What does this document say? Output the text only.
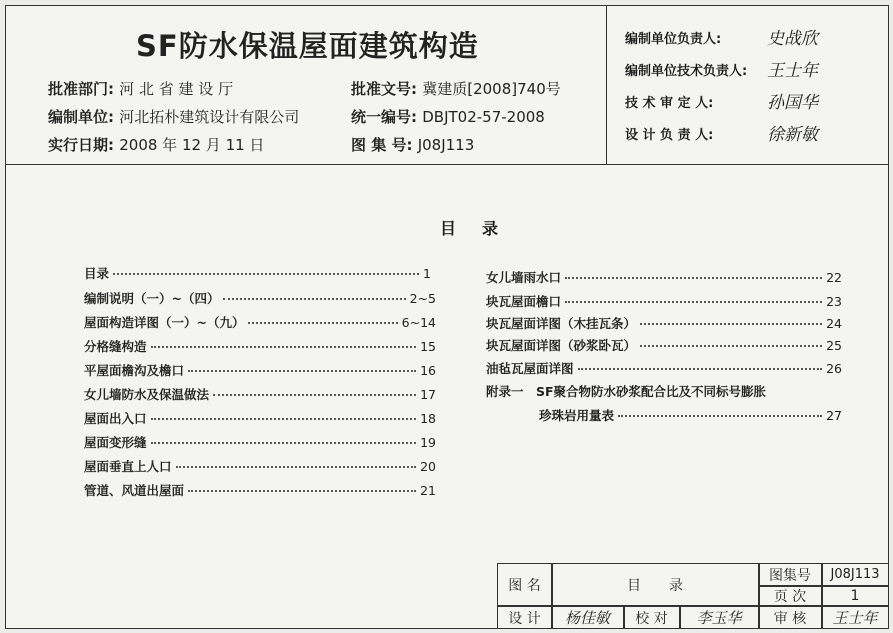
SF防水保温屋面建筑构造
批准部门: 河 北 省 建 设 厅
编制单位: 河北拓朴建筑设计有限公司
实行日期: 2008 年 12 月 11 日
批准文号: 冀建质[2008]740号
统一编号: DBJT02-57-2008
图 集 号: J08J113
编制单位负责人:	史战欣
编制单位技术负责人: 王士年
技 术 审 定 人:	孙国华
设 计 负 责 人:	徐新敏
目录
目录	1
编制说明（一）~（四）	2~5
屋面构造详图（一）~（九）	6~14
分格缝构造	15
平屋面檐沟及檐口	16
女儿墙防水及保温做法	17
屋面出入口	18
屋面变形缝	19
屋面垂直上人口	20
管道、风道出屋面	21
女儿墙雨水口	22
块瓦屋面檐口	23
块瓦屋面详图（木挂瓦条）	24
块瓦屋面详图（砂浆卧瓦）	25
油毡瓦屋面详图	26
附录一　SF聚合物防水砂浆配合比及不同标号膨胀
珍珠岩用量表	27
图 名	目　　录
图集号	J08J113
页 次	1
设 计	杨佳敏	校 对	李玉华	审 核	王士年
